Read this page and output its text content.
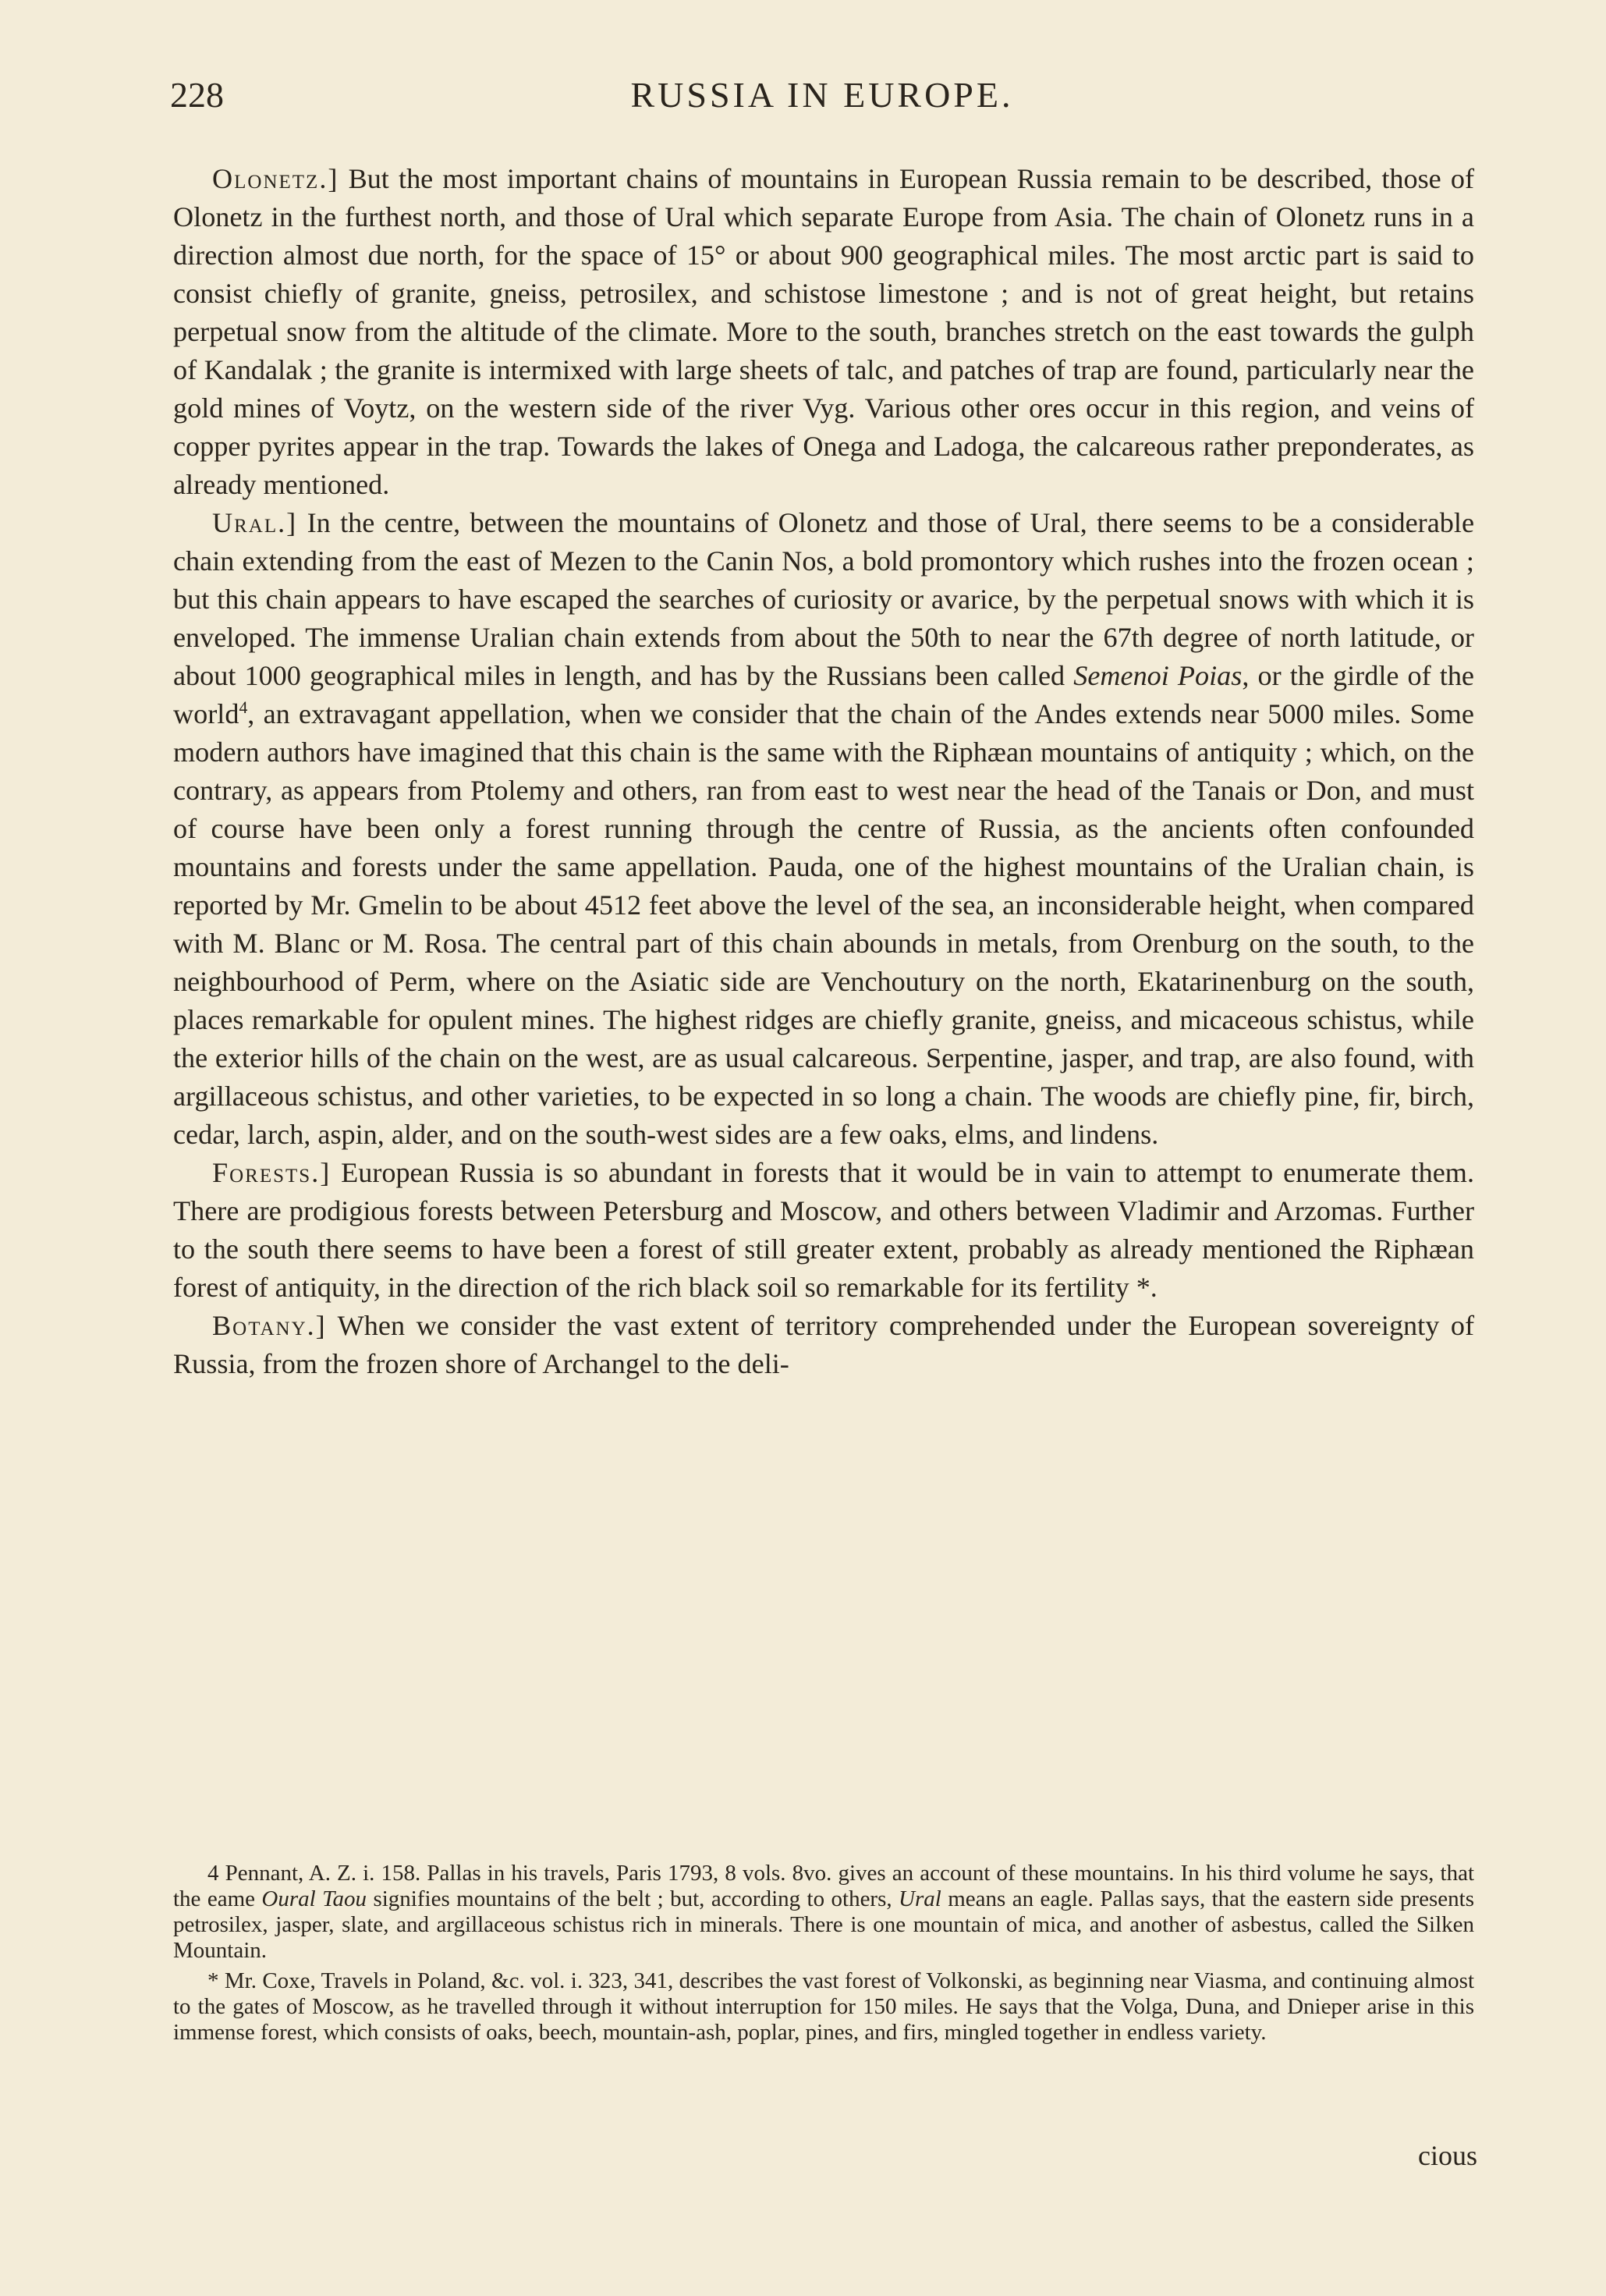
228	RUSSIA IN EUROPE.

Olonetz.] But the most important chains of mountains in European Russia remain to be described, those of Olonetz in the furthest north, and those of Ural which separate Europe from Asia. The chain of Olonetz runs in a direction almost due north, for the space of 15° or about 900 geographical miles. The most arctic part is said to consist chiefly of granite, gneiss, petrosilex, and schistose limestone ; and is not of great height, but retains perpetual snow from the altitude of the climate. More to the south, branches stretch on the east towards the gulph of Kandalak ; the granite is intermixed with large sheets of talc, and patches of trap are found, particularly near the gold mines of Voytz, on the western side of the river Vyg. Various other ores occur in this region, and veins of copper pyrites appear in the trap. Towards the lakes of Onega and Ladoga, the calcareous rather preponderates, as already mentioned.

Ural.] In the centre, between the mountains of Olonetz and those of Ural, there seems to be a considerable chain extending from the east of Mezen to the Canin Nos, a bold promontory which rushes into the frozen ocean ; but this chain appears to have escaped the searches of curiosity or avarice, by the perpetual snows with which it is enveloped. The immense Uralian chain extends from about the 50th to near the 67th degree of north latitude, or about 1000 geographical miles in length, and has by the Russians been called Semenoi Poias, or the girdle of the world$^4$, an extravagant appellation, when we consider that the chain of the Andes extends near 5000 miles. Some modern authors have imagined that this chain is the same with the Riphæan mountains of antiquity ; which, on the contrary, as appears from Ptolemy and others, ran from east to west near the head of the Tanais or Don, and must of course have been only a forest running through the centre of Russia, as the ancients often confounded mountains and forests under the same appellation. Pauda, one of the highest mountains of the Uralian chain, is reported by Mr. Gmelin to be about 4512 feet above the level of the sea, an inconsiderable height, when compared with M. Blanc or M. Rosa. The central part of this chain abounds in metals, from Orenburg on the south, to the neighbourhood of Perm, where on the Asiatic side are Venchoutury on the north, Ekatarinenburg on the south, places remarkable for opulent mines. The highest ridges are chiefly granite, gneiss, and micaceous schistus, while the exterior hills of the chain on the west, are as usual calcareous. Serpentine, jasper, and trap, are also found, with argillaceous schistus, and other varieties, to be expected in so long a chain. The woods are chiefly pine, fir, birch, cedar, larch, aspin, alder, and on the south-west sides are a few oaks, elms, and lindens.

Forests.] European Russia is so abundant in forests that it would be in vain to attempt to enumerate them. There are prodigious forests between Petersburg and Moscow, and others between Vladimir and Arzomas. Further to the south there seems to have been a forest of still greater extent, probably as already mentioned the Riphæan forest of antiquity, in the direction of the rich black soil so remarkable for its fertility *.

Botany.] When we consider the vast extent of territory comprehended under the European sovereignty of Russia, from the frozen shore of Archangel to the deli-

4 Pennant, A. Z. i. 158. Pallas in his travels, Paris 1793, 8 vols. 8vo. gives an account of these mountains. In his third volume he says, that the eame Oural Taou signifies mountains of the belt ; but, according to others, Ural means an eagle. Pallas says, that the eastern side presents petrosilex, jasper, slate, and argillaceous schistus rich in minerals. There is one mountain of mica, and another of asbestus, called the Silken Mountain.

* Mr. Coxe, Travels in Poland, &c. vol. i. 323, 341, describes the vast forest of Volkonski, as beginning near Viasma, and continuing almost to the gates of Moscow, as he travelled through it without interruption for 150 miles. He says that the Volga, Duna, and Dnieper arise in this immense forest, which consists of oaks, beech, mountain-ash, poplar, pines, and firs, mingled together in endless variety.

cious
